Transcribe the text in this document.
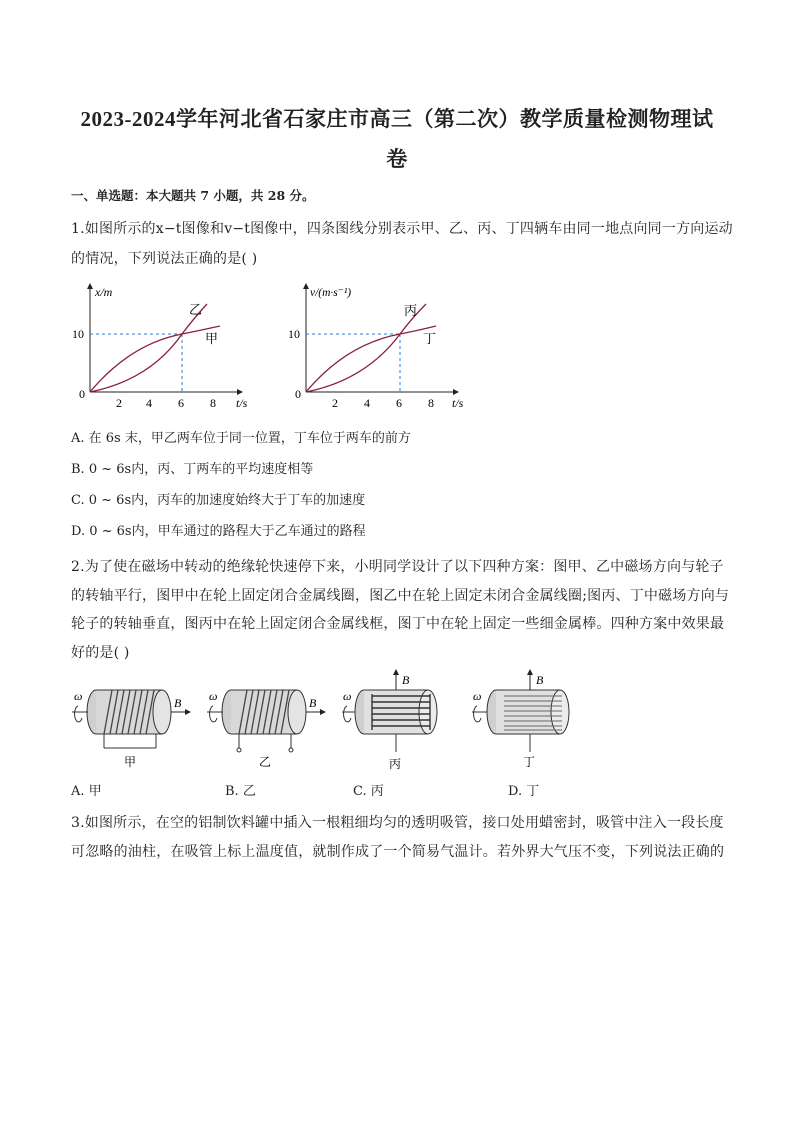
2023-2024学年河北省石家庄市高三（第二次）教学质量检测物理试
卷
一、单选题：本大题共 7 小题，共 28 分。
1.如图所示的x−t图像和v−t图像中，四条图线分别表示甲、乙、丙、丁四辆车由同一地点向同一方向运动
的情况，下列说法正确的是( )
x/m
t/s
0
10
2 4 6 8
乙
甲
v/(m·s⁻¹)
t/s
0
10
2 4 6 8
丙
丁
A. 在 6s 末，甲乙两车位于同一位置，丁车位于两车的前方
B. 0 ~ 6s内，丙、丁两车的平均速度相等
C. 0 ~ 6s内，丙车的加速度始终大于丁车的加速度
D. 0 ~ 6s内，甲车通过的路程大于乙车通过的路程
2.为了使在磁场中转动的绝缘轮快速停下来，小明同学设计了以下四种方案：图甲、乙中磁场方向与轮子
的转轴平行，图甲中在轮上固定闭合金属线圈，图乙中在轮上固定未闭合金属线圈;图丙、丁中磁场方向与
轮子的转轴垂直，图丙中在轮上固定闭合金属线框，图丁中在轮上固定一些细金属棒。四种方案中效果最
好的是( )
ω	B
甲
ω	B
乙
ω
B
丙
ω
B
丁
A. 甲	B. 乙	C. 丙	D. 丁
3.如图所示，在空的铝制饮料罐中插入一根粗细均匀的透明吸管，接口处用蜡密封，吸管中注入一段长度
可忽略的油柱，在吸管上标上温度值，就制作成了一个简易气温计。若外界大气压不变，下列说法正确的
